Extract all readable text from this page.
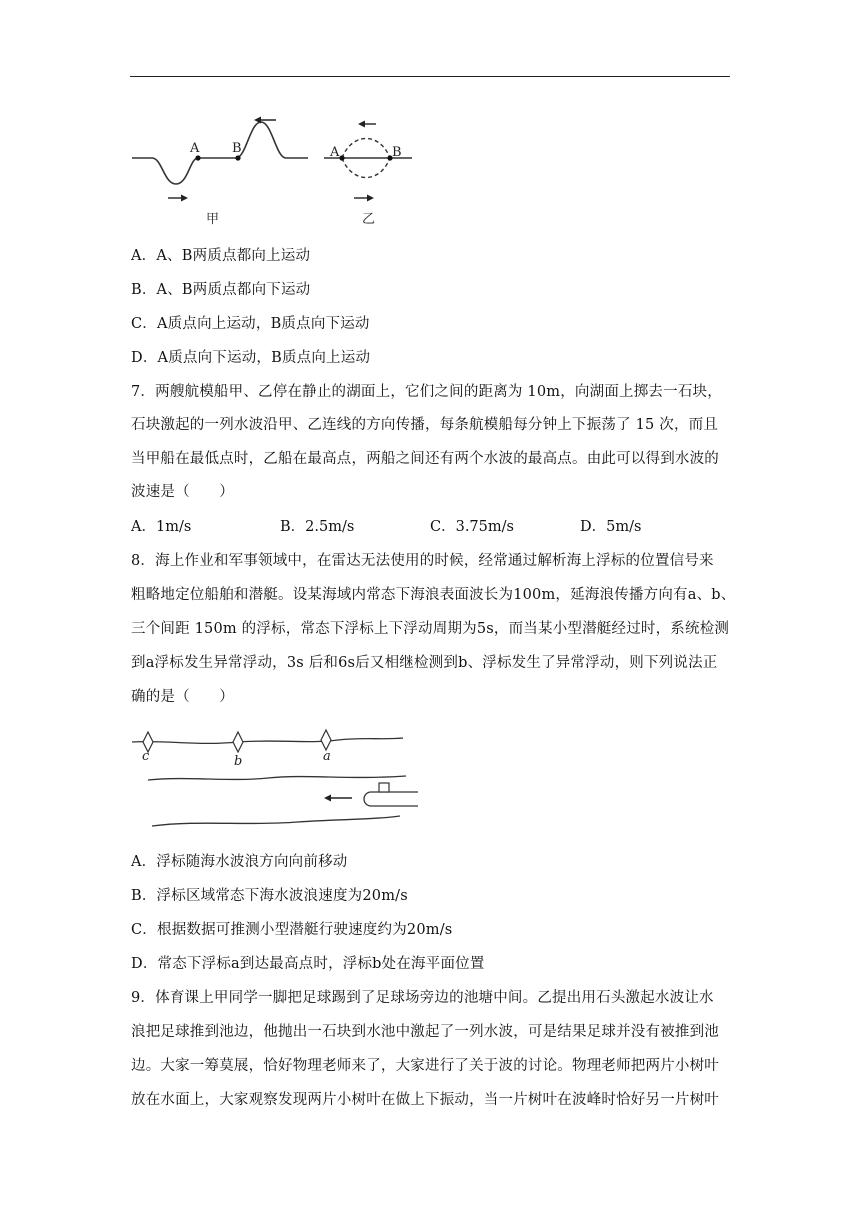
A	B
甲
A	B
乙
A．A、B两质点都向上运动
B．A、B两质点都向下运动
C．A质点向上运动，B质点向下运动
D．A质点向下运动，B质点向上运动
7．两艘航模船甲、乙停在静止的湖面上，它们之间的距离为 10m，向湖面上掷去一石块，
石块激起的一列水波沿甲、乙连线的方向传播，每条航模船每分钟上下振荡了 15 次，而且
当甲船在最低点时，乙船在最高点，两船之间还有两个水波的最高点。由此可以得到水波的
波速是（　　）
A．1m/s	B．2.5m/s	C．3.75m/s	D．5m/s
8．海上作业和军事领域中，在雷达无法使用的时候，经常通过解析海上浮标的位置信号来
粗略地定位船舶和潜艇。设某海域内常态下海浪表面波长为100m，延海浪传播方向有a、b、
三个间距 150m 的浮标，常态下浮标上下浮动周期为5s，而当某小型潜艇经过时，系统检测
到a浮标发生异常浮动，3s 后和6s后又相继检测到b、浮标发生了异常浮动，则下列说法正
确的是（　　）
c	b	a
A．浮标随海水波浪方向向前移动
B．浮标区域常态下海水波浪速度为20m/s
C．根据数据可推测小型潜艇行驶速度约为20m/s
D．常态下浮标a到达最高点时，浮标b处在海平面位置
9．体育课上甲同学一脚把足球踢到了足球场旁边的池塘中间。乙提出用石头激起水波让水
浪把足球推到池边，他抛出一石块到水池中激起了一列水波，可是结果足球并没有被推到池
边。大家一筹莫展，恰好物理老师来了，大家进行了关于波的讨论。物理老师把两片小树叶
放在水面上，大家观察发现两片小树叶在做上下振动，当一片树叶在波峰时恰好另一片树叶
